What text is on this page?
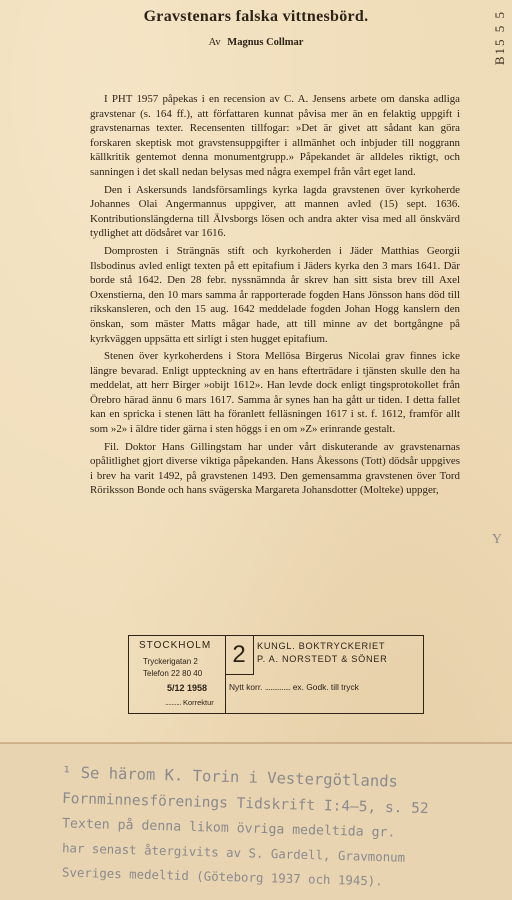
B15 5 5
Gravstenars falska vittnesbörd.
Av Magnus Collmar

I PHT 1957 påpekas i en recension av C. A. Jensens arbete om danska adliga gravstenar (s. 164 ff.), att författaren kunnat påvisa mer än en felaktig uppgift i gravstenarnas texter. Recensenten tillfogar: »Det är givet att sådant kan göra forskaren skeptisk mot gravstensuppgifter i allmänhet och inbjuder till noggrann källkritik gentemot denna monumentgrupp.» Påpekandet är alldeles riktigt, och sanningen i det skall nedan belysas med några exempel från vårt eget land.

Den i Askersunds landsförsamlings kyrka lagda gravstenen över kyrkoherde Johannes Olai Angermannus uppgiver, att mannen avled (15) sept. 1636. Kontributionslängderna till Älvsborgs lösen och andra akter visa med all önskvärd tydlighet att dödsåret var 1616.

Domprosten i Strängnäs stift och kyrkoherden i Jäder Matthias Georgii Ilsbodinus avled enligt texten på ett epitafium i Jäders kyrka den 3 mars 1641. Där borde stå 1642. Den 28 febr. nyssnämnda år skrev han sitt sista brev till Axel Oxenstierna, den 10 mars samma år rapporterade fogden Hans Jönsson hans död till rikskansleren, och den 15 aug. 1642 meddelade fogden Johan Hogg kanslern den önskan, som mäster Matts mågar hade, att till minne av det bortgångne på kyrkväggen uppsätta ett sirligt i sten hugget epitafium.

Stenen över kyrkoherdens i Stora Mellösa Birgerus Nicolai grav finnes icke längre bevarad. Enligt uppteckning av en hans efterträdare i tjänsten skulle den ha meddelat, att herr Birger »obijt 1612». Han levde dock enligt tingsprotokollet från Örebro härad ännu 6 mars 1617. Samma år synes han ha gått ur tiden. I detta fallet kan en spricka i stenen lätt ha föranlett felläsningen 1617 i st. f. 1612, framför allt som »2» i äldre tider gärna i sten höggs i en om »Z» erinrande gestalt.

Fil. Doktor Hans Gillingstam har under vårt diskuterande av gravstenarnas opålitlighet gjort diverse viktiga påpekanden. Hans Åkessons (Tott) dödsår uppgives i brev ha varit 1492, på gravstenen 1493. Den gemensamma gravstenen över Tord Röriksson Bonde och hans svägerska Margareta Johansdotter (Molteke) uppger,

Y
STOCKHOLM
Tryckerigatan 2
Telefon 22 80 40
5/12 1958
.......... Korrektur
2	KUNGL. BOKTRYCKERIET
P. A. NORSTEDT & SÖNER
Nytt korr. .............. ex. Godk. till tryck
¹ Se härom K. Torin i Vestergötlands
Fornminnesförenings Tidskrift I:4–5, s. 52
Texten på denna likom övriga medeltida gr.
har senast återgivits av S. Gardell, Gravmonum
Sveriges medeltid (Göteborg 1937 och 1945).
